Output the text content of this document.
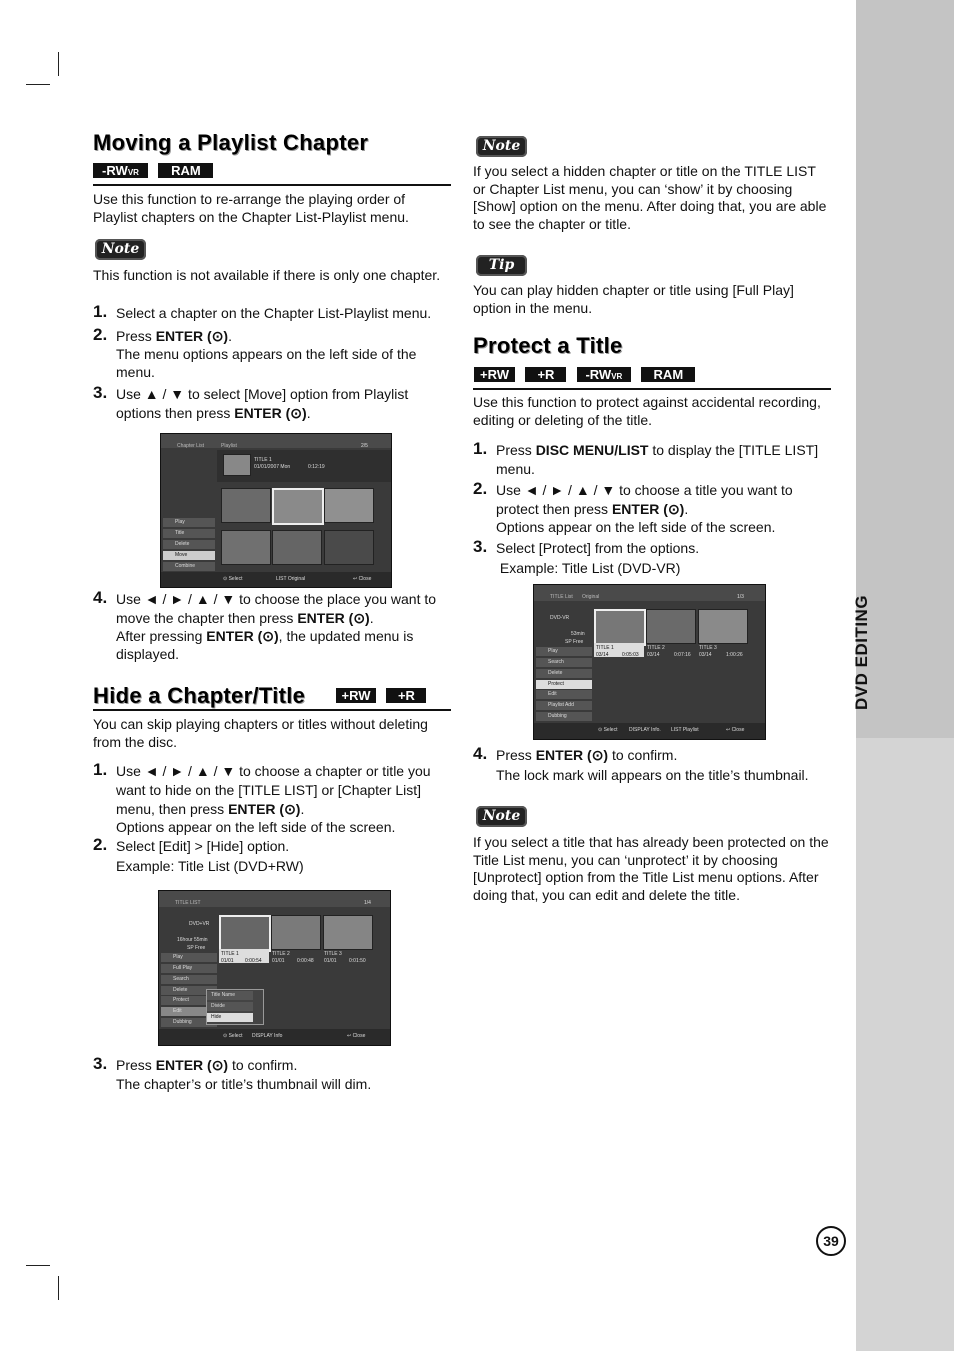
DVD EDITING
39
Moving a Playlist Chapter
-RWVR RAM
Use this function to re-arrange the playing order of Playlist chapters on the Chapter List-Playlist menu.
Note
This function is not available if there is only one chapter.
1. Select a chapter on the Chapter List-Playlist menu.
2. Press ENTER (⊙).
The menu options appears on the left side of the menu.
3. Use ▲ / ▼ to select [Move] option from Playlist options then press ENTER (⊙).
Chapter List	Playlist	2/5
TITLE 1
01/01/2007 Mon	0:12:19
Play
Title
Delete
Move
Combine
⊙ Select	LIST Original	↩ Close
4. Use ◄ / ► / ▲ / ▼ to choose the place you want to move the chapter then press ENTER (⊙).
After pressing ENTER (⊙), the updated menu is displayed.
Hide a Chapter/Title	+RW +R
You can skip playing chapters or titles without deleting from the disc.
1. Use ◄ / ► / ▲ / ▼ to choose a chapter or title you want to hide on the [TITLE LIST] or [Chapter List] menu, then press ENTER (⊙).
Options appear on the left side of the screen.
2. Select [Edit] > [Hide] option.
Example: Title List (DVD+RW)
TITLE LIST	1/4
DVD+VR
16hour 55min
SP Free
TITLE 1
01/01 0:00:54
TITLE 2
01/01 0:00:48
TITLE 3
01/01 0:01:50
Play
Full Play
Search
Delete
Protect
Edit
Dubbing
Title Name
Divide
Hide
⊙ Select DISPLAY Info	↩ Close
3. Press ENTER (⊙) to confirm.
The chapter’s or title’s thumbnail will dim.
Note
If you select a hidden chapter or title on the TITLE LIST or Chapter List menu, you can ‘show’ it by choosing [Show] option on the menu. After doing that, you are able to see the chapter or title.
Tip
You can play hidden chapter or title using [Full Play] option in the menu.
Protect a Title
+RW +R -RWVR RAM
Use this function to protect against accidental recording, editing or deleting of the title.
1. Press DISC MENU/LIST to display the [TITLE LIST] menu.
2. Use ◄ / ► / ▲ / ▼ to choose a title you want to protect then press ENTER (⊙).
Options appear on the left side of the screen.
3. Select [Protect] from the options.
Example: Title List (DVD-VR)
TITLE List Original	1/3
DVD-VR
53min
SP Free
TITLE 1
03/14	0:05:03
TITLE 2
03/14	0:07:16
TITLE 3
03/14	1:00:26
Play
Search
Delete
Protect
Edit
Playlist Add
Dubbing
⊙ Select DISPLAY Info. LIST Playlist	↩ Close
4. Press ENTER (⊙) to confirm.
The lock mark will appears on the title’s thumbnail.
Note
If you select a title that has already been protected on the Title List menu, you can ‘unprotect’ it by choosing [Unprotect] option from the Title List menu options. After doing that, you can edit and delete the title.
